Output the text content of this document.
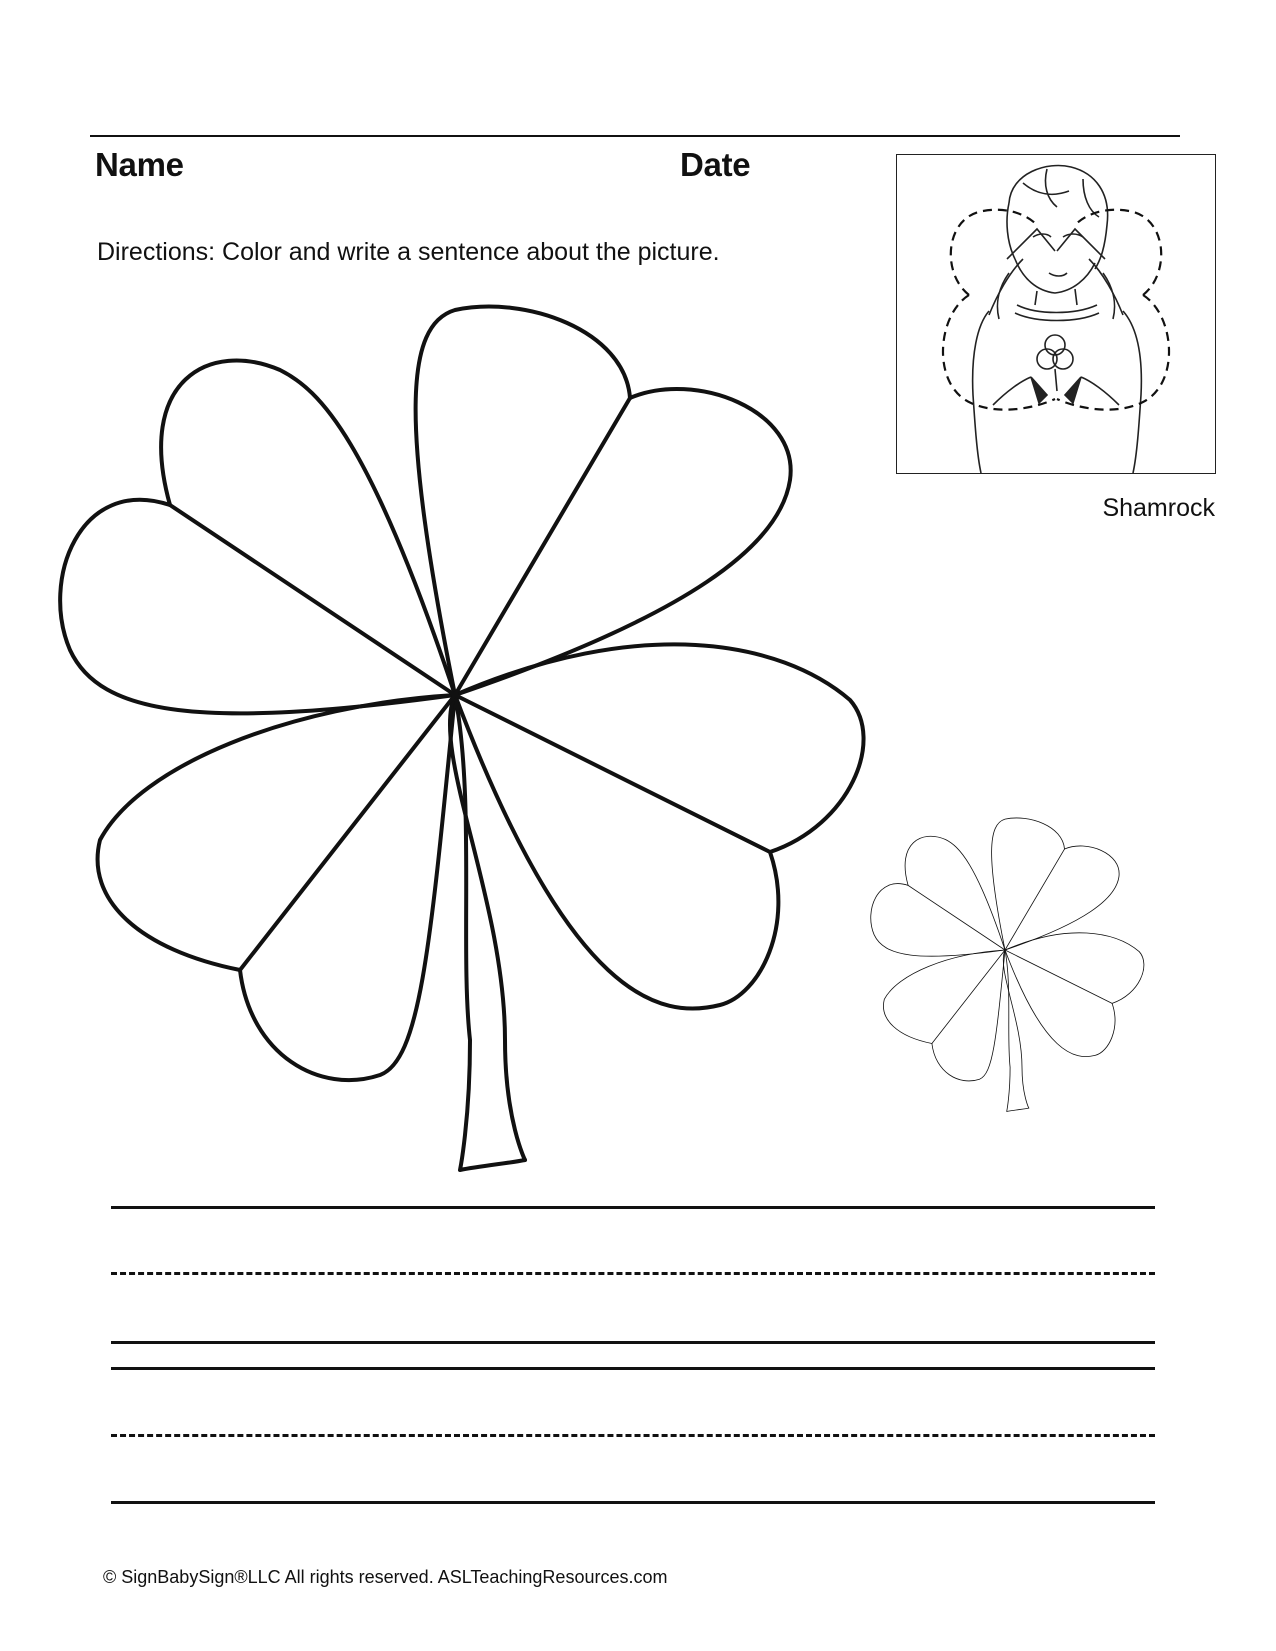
Name	Date
Directions: Color and write a sentence about the picture.
Shamrock
© SignBabySign®LLC All rights reserved. ASLTeachingResources.com
